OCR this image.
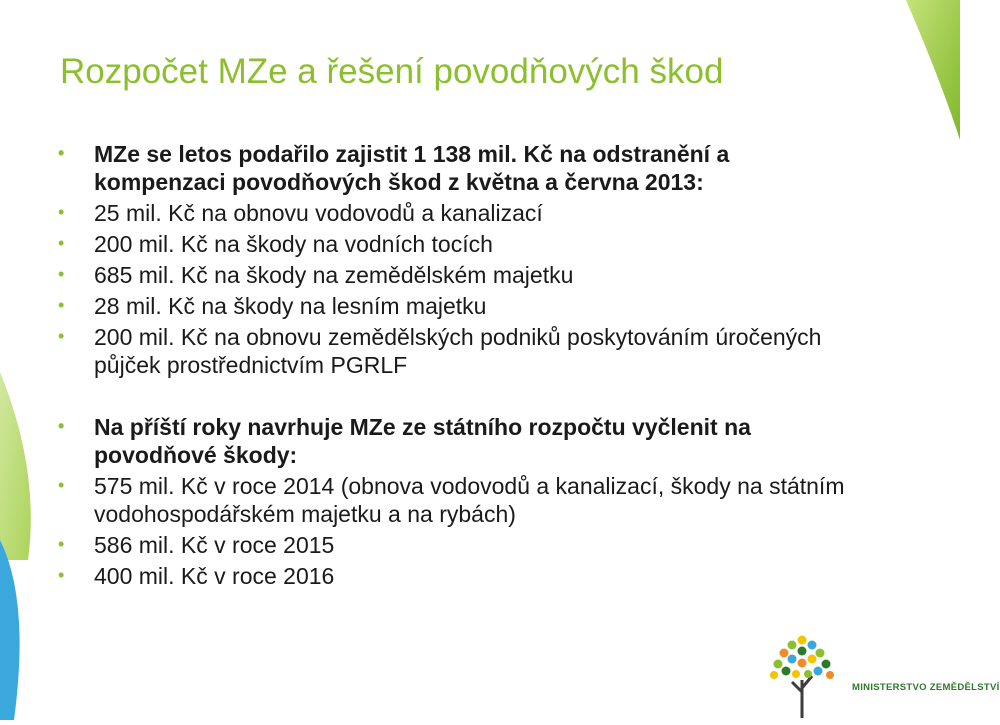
Rozpočet MZe a řešení povodňových škod
• MZe se letos podařilo zajistit 1 138 mil. Kč na odstranění a kompenzaci povodňových škod z května a června 2013:
• 25 mil. Kč na obnovu vodovodů a kanalizací
• 200 mil. Kč na škody na vodních tocích
• 685 mil. Kč na škody na zemědělském majetku
• 28 mil. Kč na škody na lesním majetku
• 200 mil. Kč na obnovu zemědělských podniků poskytováním úročených půjček prostřednictvím PGRLF
• Na příští roky navrhuje MZe ze státního rozpočtu vyčlenit na povodňové škody:
• 575 mil. Kč v roce 2014 (obnova vodovodů a kanalizací, škody na státním vodohospodářském majetku a na rybách)
• 586 mil. Kč v roce 2015
• 400 mil. Kč v roce 2016

MINISTERSTVO ZEMĚDĚLSTVÍ
